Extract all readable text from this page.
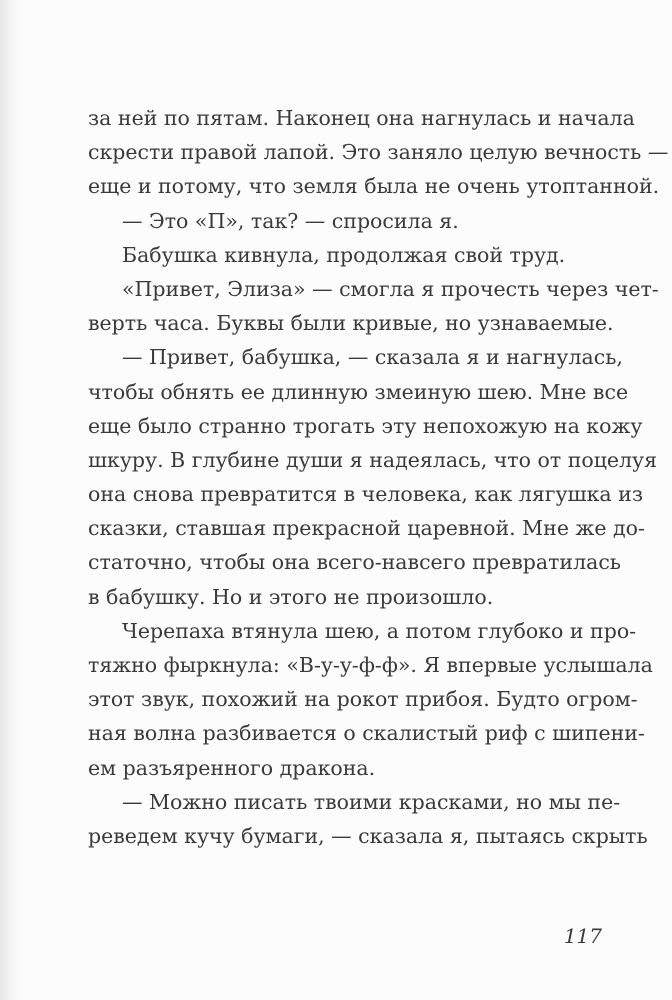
за ней по пятам. Наконец она нагнулась и начала
скрести правой лапой. Это заняло целую вечность —
еще и потому, что земля была не очень утоптанной.
— Это «П», так? — спросила я.
Бабушка кивнула, продолжая свой труд.
«Привет, Элиза» — смогла я прочесть через чет-
верть часа. Буквы были кривые, но узнаваемые.
— Привет, бабушка, — сказала я и нагнулась,
чтобы обнять ее длинную змеиную шею. Мне все
еще было странно трогать эту непохожую на кожу
шкуру. В глубине души я надеялась, что от поцелуя
она снова превратится в человека, как лягушка из
сказки, ставшая прекрасной царевной. Мне же до-
статочно, чтобы она всего-навсего превратилась
в бабушку. Но и этого не произошло.
Черепаха втянула шею, а потом глубоко и про-
тяжно фыркнула: «В-у-у-ф-ф». Я впервые услышала
этот звук, похожий на рокот прибоя. Будто огром-
ная волна разбивается о скалистый риф с шипени-
ем разъяренного дракона.
— Можно писать твоими красками, но мы пе-
реведем кучу бумаги, — сказала я, пытаясь скрыть
117
